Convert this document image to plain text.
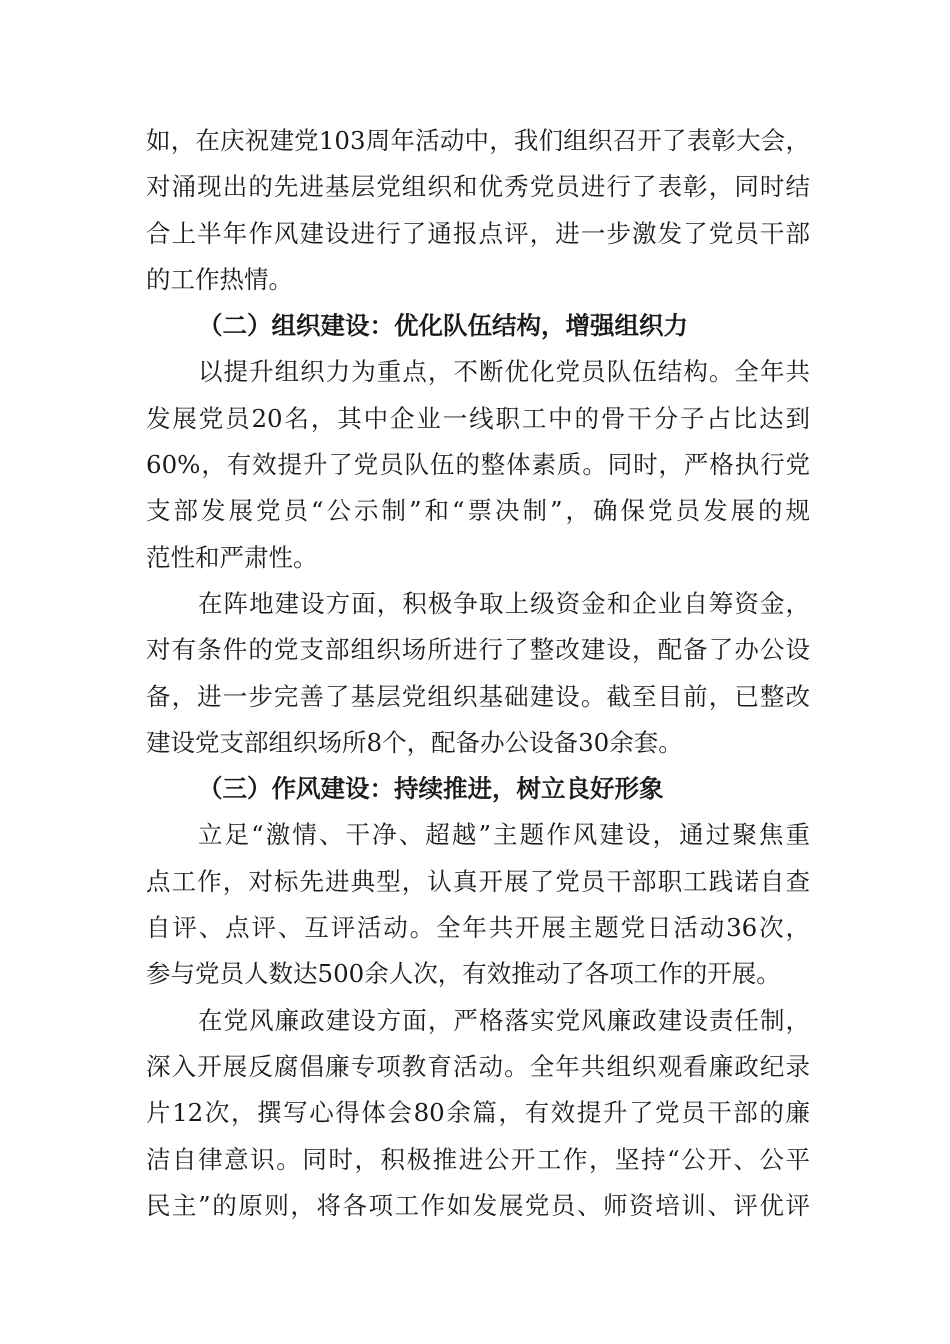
如，在庆祝建党103周年活动中，我们组织召开了表彰大会，
对涌现出的先进基层党组织和优秀党员进行了表彰，同时结
合上半年作风建设进行了通报点评，进一步激发了党员干部
的工作热情。
（二）组织建设：优化队伍结构，增强组织力
以提升组织力为重点，不断优化党员队伍结构。全年共
发展党员20名，其中企业一线职工中的骨干分子占比达到
60%，有效提升了党员队伍的整体素质。同时，严格执行党
支部发展党员“公示制”和“票决制”，确保党员发展的规
范性和严肃性。
在阵地建设方面，积极争取上级资金和企业自筹资金，
对有条件的党支部组织场所进行了整改建设，配备了办公设
备，进一步完善了基层党组织基础建设。截至目前，已整改
建设党支部组织场所8个，配备办公设备30余套。
（三）作风建设：持续推进，树立良好形象
立足“激情、干净、超越”主题作风建设，通过聚焦重
点工作，对标先进典型，认真开展了党员干部职工践诺自查
自评、点评、互评活动。全年共开展主题党日活动36次，
参与党员人数达500余人次，有效推动了各项工作的开展。
在党风廉政建设方面，严格落实党风廉政建设责任制，
深入开展反腐倡廉专项教育活动。全年共组织观看廉政纪录
片12次，撰写心得体会80余篇，有效提升了党员干部的廉
洁自律意识。同时，积极推进公开工作，坚持“公开、公平
民主”的原则，将各项工作如发展党员、师资培训、评优评
